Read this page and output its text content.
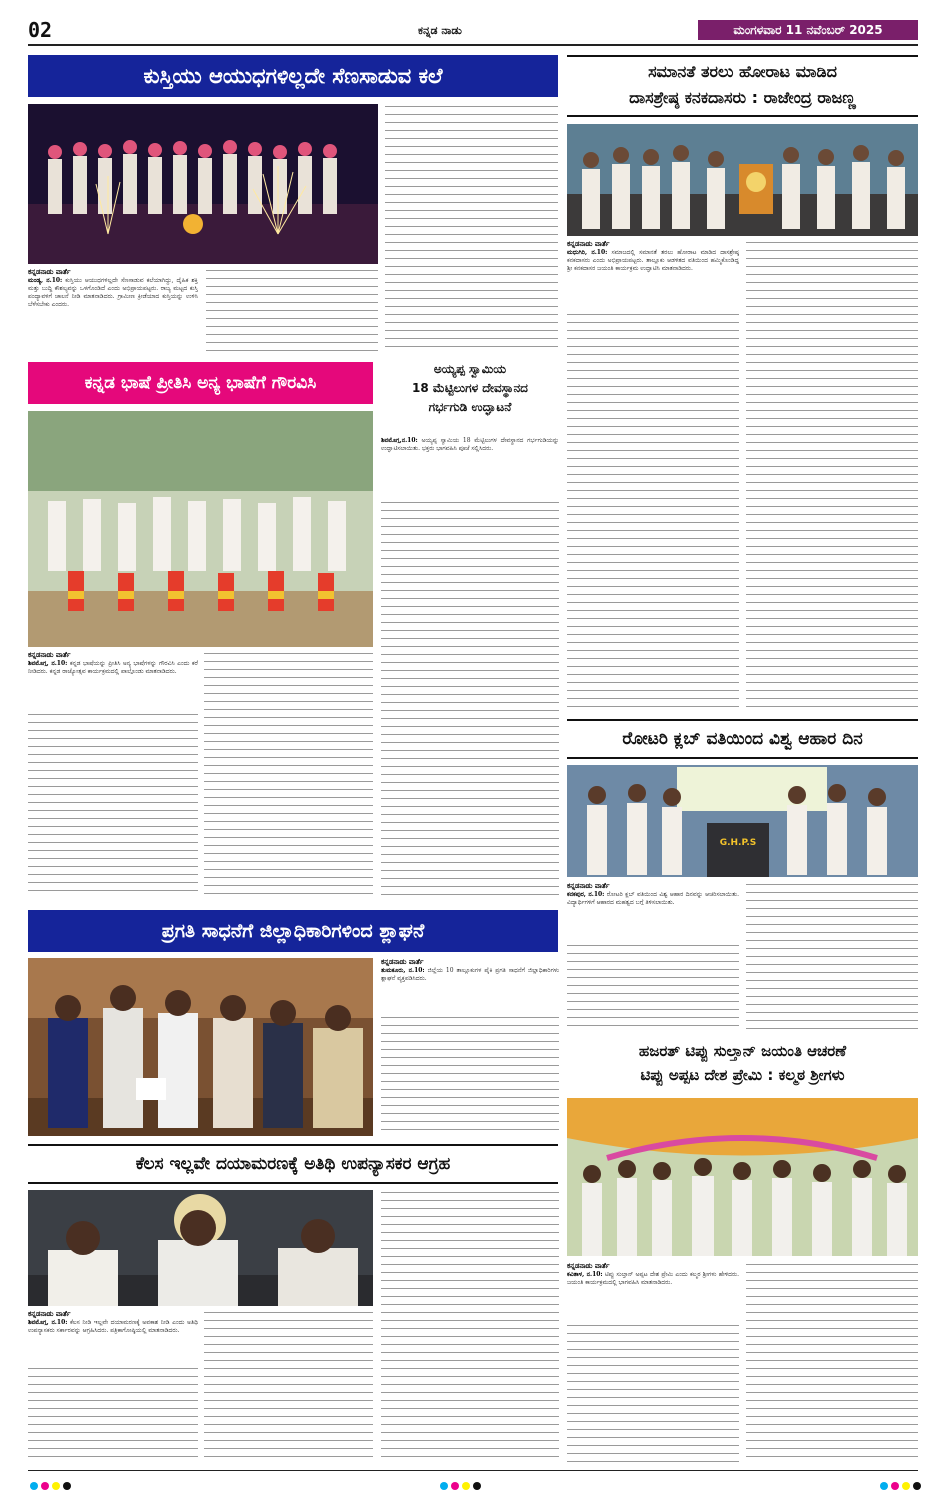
02	ಕನ್ನಡ ನಾಡು	ಮಂಗಳವಾರ 11 ನವೆಂಬರ್ 2025
ಕುಸ್ತಿಯು ಆಯುಧಗಳಿಲ್ಲದೇ ಸೆಣಸಾಡುವ ಕಲೆ
ಕನ್ನಡನಾಡು ವಾರ್ತೆ
ಮಂಡ್ಯ, ನ.10: ಕುಸ್ತಿಯು ಆಯುಧಗಳಿಲ್ಲದೇ ಸೆಣಸಾಡುವ ಕಲೆಯಾಗಿದ್ದು, ದೈಹಿಕ ಶಕ್ತಿ ಮತ್ತು ಬುದ್ಧಿ ಕೌಶಲ್ಯವನ್ನು ಒಳಗೊಂಡಿದೆ ಎಂದು ಅಭಿಪ್ರಾಯಪಟ್ಟರು. ರಾಜ್ಯ ಮಟ್ಟದ ಕುಸ್ತಿ ಪಂದ್ಯಾವಳಿಗೆ ಚಾಲನೆ ನೀಡಿ ಮಾತನಾಡಿದರು. ಗ್ರಾಮೀಣ ಕ್ರೀಡೆಯಾದ ಕುಸ್ತಿಯನ್ನು ಉಳಿಸಿ ಬೆಳೆಸಬೇಕು ಎಂದರು.
ಸಮಾನತೆ ತರಲು ಹೋರಾಟ ಮಾಡಿದ
ದಾಸಶ್ರೇಷ್ಠ ಕನಕದಾಸರು : ರಾಜೇಂದ್ರ ರಾಜಣ್ಣ
ಕನ್ನಡನಾಡು ವಾರ್ತೆ
ಮಧುಗಿರಿ, ನ.10: ಸಮಾಜದಲ್ಲಿ ಸಮಾನತೆ ತರಲು ಹೋರಾಟ ಮಾಡಿದ ದಾಸಶ್ರೇಷ್ಠ ಕನಕದಾಸರು ಎಂದು ಅಭಿಪ್ರಾಯಪಟ್ಟರು. ತಾಲ್ಲೂಕು ಆಡಳಿತದ ವತಿಯಿಂದ ಹಮ್ಮಿಕೊಂಡಿದ್ದ ಶ್ರೀ ಕನಕದಾಸರ ಜಯಂತಿ ಕಾರ್ಯಕ್ರಮ ಉದ್ಘಾಟಿಸಿ ಮಾತನಾಡಿದರು.
ಕನ್ನಡ ಭಾಷೆ ಪ್ರೀತಿಸಿ ಅನ್ಯ ಭಾಷೆಗೆ ಗೌರವಿಸಿ
ಕನ್ನಡನಾಡು ವಾರ್ತೆ
ಶಿವಮೊಗ್ಗ, ನ.10: ಕನ್ನಡ ಭಾಷೆಯನ್ನು ಪ್ರೀತಿಸಿ ಅನ್ಯ ಭಾಷೆಗಳನ್ನು ಗೌರವಿಸಿ ಎಂದು ಕರೆ ನೀಡಿದರು. ಕನ್ನಡ ರಾಜ್ಯೋತ್ಸವ ಕಾರ್ಯಕ್ರಮದಲ್ಲಿ ಪಾಲ್ಗೊಂಡು ಮಾತನಾಡಿದರು.
ಅಯ್ಯಪ್ಪ ಸ್ವಾಮಿಯ
18 ಮೆಟ್ಟಿಲುಗಳ ದೇವಸ್ಥಾನದ
ಗರ್ಭಗುಡಿ ಉದ್ಘಾಟನೆ
ಶಿವಮೊಗ್ಗ,ನ.10: ಅಯ್ಯಪ್ಪ ಸ್ವಾಮಿಯ 18 ಮೆಟ್ಟಿಲುಗಳ ದೇವಸ್ಥಾನದ ಗರ್ಭಗುಡಿಯನ್ನು ಉದ್ಘಾಟಿಸಲಾಯಿತು. ಭಕ್ತರು ಭಾಗವಹಿಸಿ ಪೂಜೆ ಸಲ್ಲಿಸಿದರು.
ರೋಟರಿ ಕ್ಲಬ್ ವತಿಯಿಂದ ವಿಶ್ವ ಆಹಾರ ದಿನ
G.H.P.S
ಕನ್ನಡನಾಡು ವಾರ್ತೆ
ಕನಕಪುರ, ನ.10: ರೋಟರಿ ಕ್ಲಬ್ ವತಿಯಿಂದ ವಿಶ್ವ ಆಹಾರ ದಿನವನ್ನು ಆಚರಿಸಲಾಯಿತು. ವಿದ್ಯಾರ್ಥಿಗಳಿಗೆ ಆಹಾರದ ಮಹತ್ವದ ಬಗ್ಗೆ ತಿಳಿಸಲಾಯಿತು.
ಪ್ರಗತಿ ಸಾಧನೆಗೆ ಜಿಲ್ಲಾಧಿಕಾರಿಗಳಿಂದ ಶ್ಲಾಘನೆ
ಕನ್ನಡನಾಡು ವಾರ್ತೆ
ತುಮಕೂರು, ನ.10: ಜಿಲ್ಲೆಯ 10 ತಾಲ್ಲೂಕುಗಳ ಪೈಕಿ ಪ್ರಗತಿ ಸಾಧನೆಗೆ ಜಿಲ್ಲಾಧಿಕಾರಿಗಳು ಶ್ಲಾಘನೆ ವ್ಯಕ್ತಪಡಿಸಿದರು.
ಹಜರತ್ ಟಿಪ್ಪು ಸುಲ್ತಾನ್ ಜಯಂತಿ ಆಚರಣೆ
ಟಿಪ್ಪು ಅಪ್ಪಟ ದೇಶ ಪ್ರೇಮಿ : ಕಲ್ಮಠ ಶ್ರೀಗಳು
ಕನ್ನಡನಾಡು ವಾರ್ತೆ
ಕವಿತಾಳ, ನ.10: ಟಿಪ್ಪು ಸುಲ್ತಾನ್ ಅಪ್ಪಟ ದೇಶ ಪ್ರೇಮಿ ಎಂದು ಕಲ್ಮಠ ಶ್ರೀಗಳು ಹೇಳಿದರು. ಜಯಂತಿ ಕಾರ್ಯಕ್ರಮದಲ್ಲಿ ಭಾಗವಹಿಸಿ ಮಾತನಾಡಿದರು.
ಕೆಲಸ ಇಲ್ಲವೇ ದಯಾಮರಣಕ್ಕೆ ಅತಿಥಿ ಉಪನ್ಯಾಸಕರ ಆಗ್ರಹ
ಕನ್ನಡನಾಡು ವಾರ್ತೆ
ಶಿವಮೊಗ್ಗ, ನ.10: ಕೆಲಸ ನೀಡಿ ಇಲ್ಲವೇ ದಯಾಮರಣಕ್ಕೆ ಅವಕಾಶ ನೀಡಿ ಎಂದು ಅತಿಥಿ ಉಪನ್ಯಾಸಕರು ಸರ್ಕಾರವನ್ನು ಆಗ್ರಹಿಸಿದರು. ಪತ್ರಿಕಾಗೋಷ್ಠಿಯಲ್ಲಿ ಮಾತನಾಡಿದರು.
